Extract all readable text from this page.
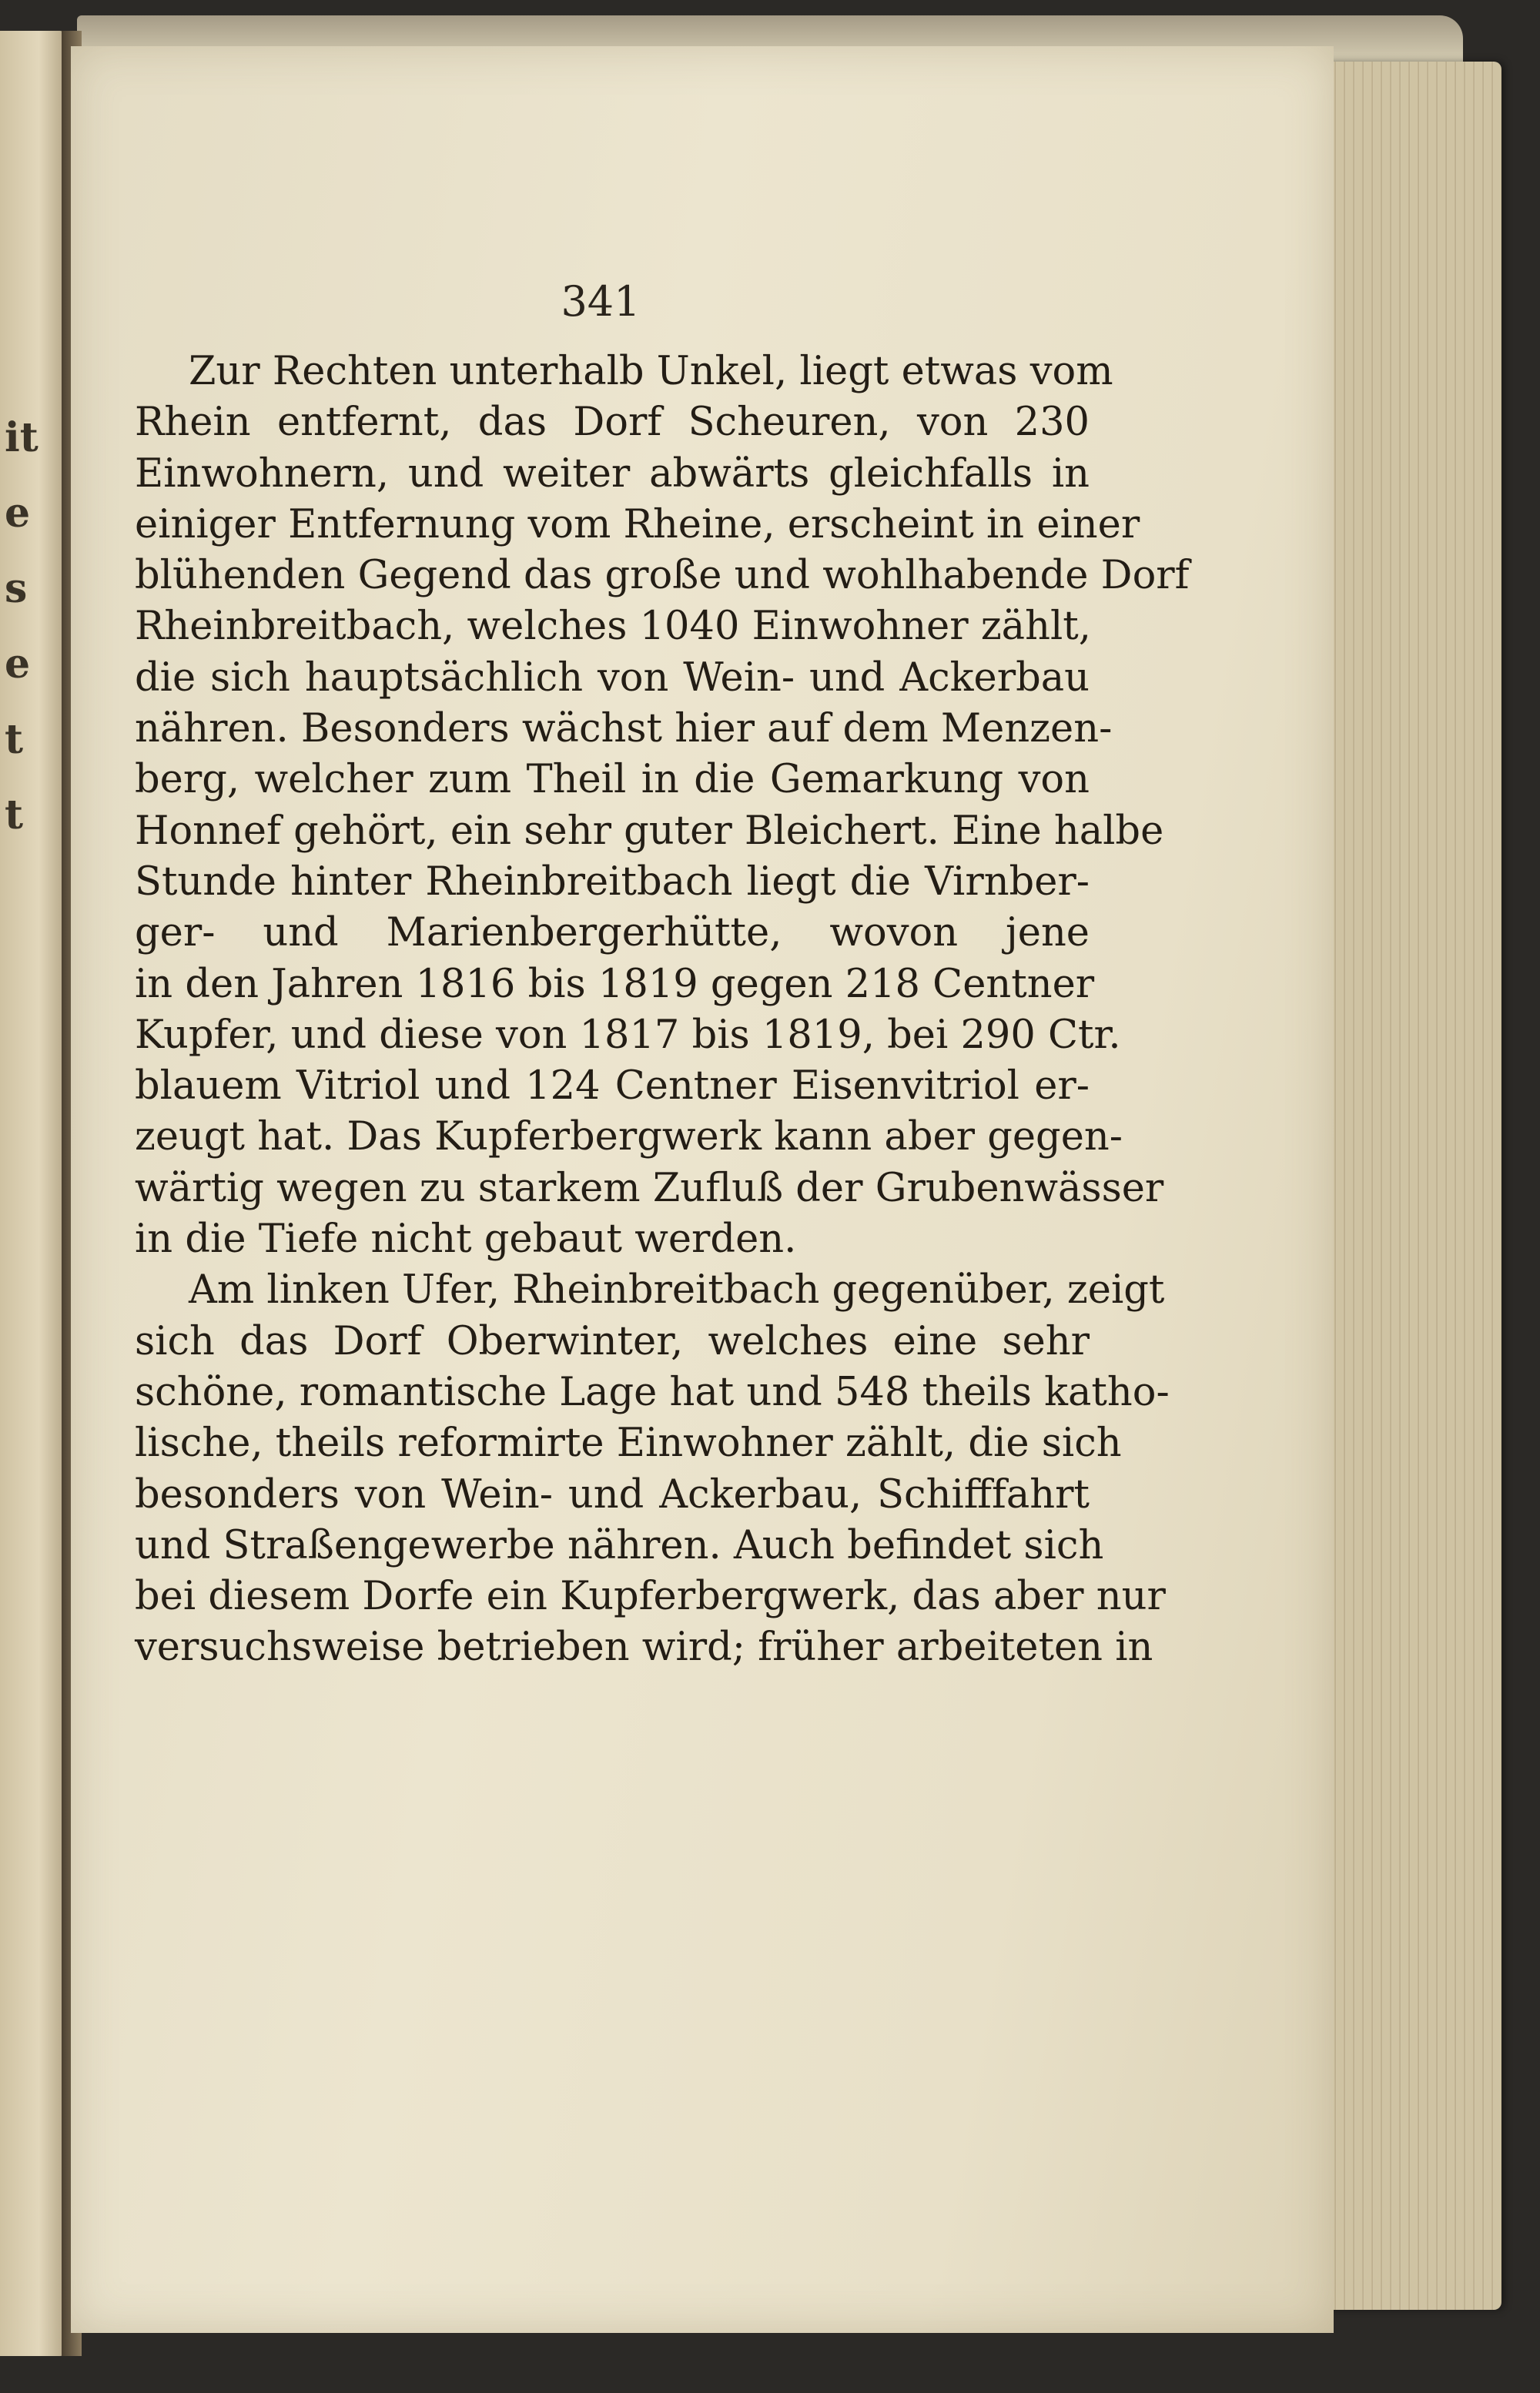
it
e
s
e
t
t
341
Zur Rechten unterhalb Unkel, liegt etwas vom
Rhein entfernt, das Dorf Scheuren, von 230
Einwohnern, und weiter abwärts gleichfalls in
einiger Entfernung vom Rheine, erscheint in einer
blühenden Gegend das große und wohlhabende Dorf
Rheinbreitbach, welches 1040 Einwohner zählt,
die sich hauptsächlich von Wein- und Ackerbau
nähren. Besonders wächst hier auf dem Menzen-
berg, welcher zum Theil in die Gemarkung von
Honnef gehört, ein sehr guter Bleichert. Eine halbe
Stunde hinter Rheinbreitbach liegt die Virnber-
ger- und Marienbergerhütte, wovon jene
in den Jahren 1816 bis 1819 gegen 218 Centner
Kupfer, und diese von 1817 bis 1819, bei 290 Ctr.
blauem Vitriol und 124 Centner Eisenvitriol er-
zeugt hat. Das Kupferbergwerk kann aber gegen-
wärtig wegen zu starkem Zufluß der Grubenwässer
in die Tiefe nicht gebaut werden.
Am linken Ufer, Rheinbreitbach gegenüber, zeigt
sich das Dorf Oberwinter, welches eine sehr
schöne, romantische Lage hat und 548 theils katho-
lische, theils reformirte Einwohner zählt, die sich
besonders von Wein- und Ackerbau, Schifffahrt
und Straßengewerbe nähren. Auch befindet sich
bei diesem Dorfe ein Kupferbergwerk, das aber nur
versuchsweise betrieben wird; früher arbeiteten in
